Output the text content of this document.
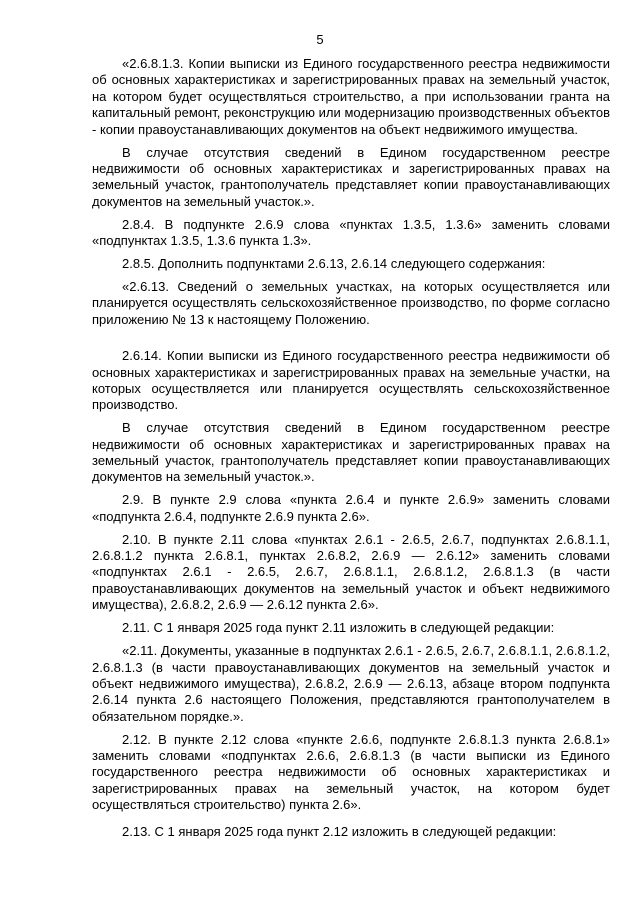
5

«2.6.8.1.3. Копии выписки из Единого государственного реестра недвижимости об основных характеристиках и зарегистрированных правах на земельный участок, на котором будет осуществляться строительство, а при использовании гранта на капитальный ремонт, реконструкцию или модернизацию производственных объектов - копии правоустанавливающих документов на объект недвижимого имущества.

В случае отсутствия сведений в Едином государственном реестре недвижимости об основных характеристиках и зарегистрированных правах на земельный участок, грантополучатель представляет копии правоустанавливающих документов на земельный участок.».

2.8.4. В подпункте 2.6.9 слова «пунктах 1.3.5, 1.3.6» заменить словами «подпунктах 1.3.5, 1.3.6 пункта 1.3».

2.8.5. Дополнить подпунктами 2.6.13, 2.6.14 следующего содержания:

«2.6.13. Сведений о земельных участках, на которых осуществляется или планируется осуществлять сельскохозяйственное производство, по форме согласно приложению № 13 к настоящему Положению.

2.6.14. Копии выписки из Единого государственного реестра недвижимости об основных характеристиках и зарегистрированных правах на земельные участки, на которых осуществляется или планируется осуществлять сельскохозяйственное производство.

В случае отсутствия сведений в Едином государственном реестре недвижимости об основных характеристиках и зарегистрированных правах на земельный участок, грантополучатель представляет копии правоустанавливающих документов на земельный участок.».

2.9. В пункте 2.9 слова «пункта 2.6.4 и пункте 2.6.9» заменить словами «подпункта 2.6.4, подпункте 2.6.9 пункта 2.6».

2.10. В пункте 2.11 слова «пунктах 2.6.1 - 2.6.5, 2.6.7, подпунктах 2.6.8.1.1, 2.6.8.1.2 пункта 2.6.8.1, пунктах 2.6.8.2, 2.6.9 — 2.6.12» заменить словами «подпунктах 2.6.1 - 2.6.5, 2.6.7, 2.6.8.1.1, 2.6.8.1.2, 2.6.8.1.3 (в части правоустанавливающих документов на земельный участок и объект недвижимого имущества), 2.6.8.2, 2.6.9 — 2.6.12 пункта 2.6».

2.11. С 1 января 2025 года пункт 2.11 изложить в следующей редакции:

«2.11. Документы, указанные в подпунктах 2.6.1 - 2.6.5, 2.6.7, 2.6.8.1.1, 2.6.8.1.2, 2.6.8.1.3 (в части правоустанавливающих документов на земельный участок и объект недвижимого имущества), 2.6.8.2, 2.6.9 — 2.6.13, абзаце втором подпункта 2.6.14 пункта 2.6 настоящего Положения, представляются грантополучателем в обязательном порядке.».

2.12. В пункте 2.12 слова «пункте 2.6.6, подпункте 2.6.8.1.3 пункта 2.6.8.1» заменить словами «подпунктах 2.6.6, 2.6.8.1.3 (в части выписки из Единого государственного реестра недвижимости об основных характеристиках и зарегистрированных правах на земельный участок, на котором будет осуществляться строительство) пункта 2.6».

2.13. С 1 января 2025 года пункт 2.12 изложить в следующей редакции:
